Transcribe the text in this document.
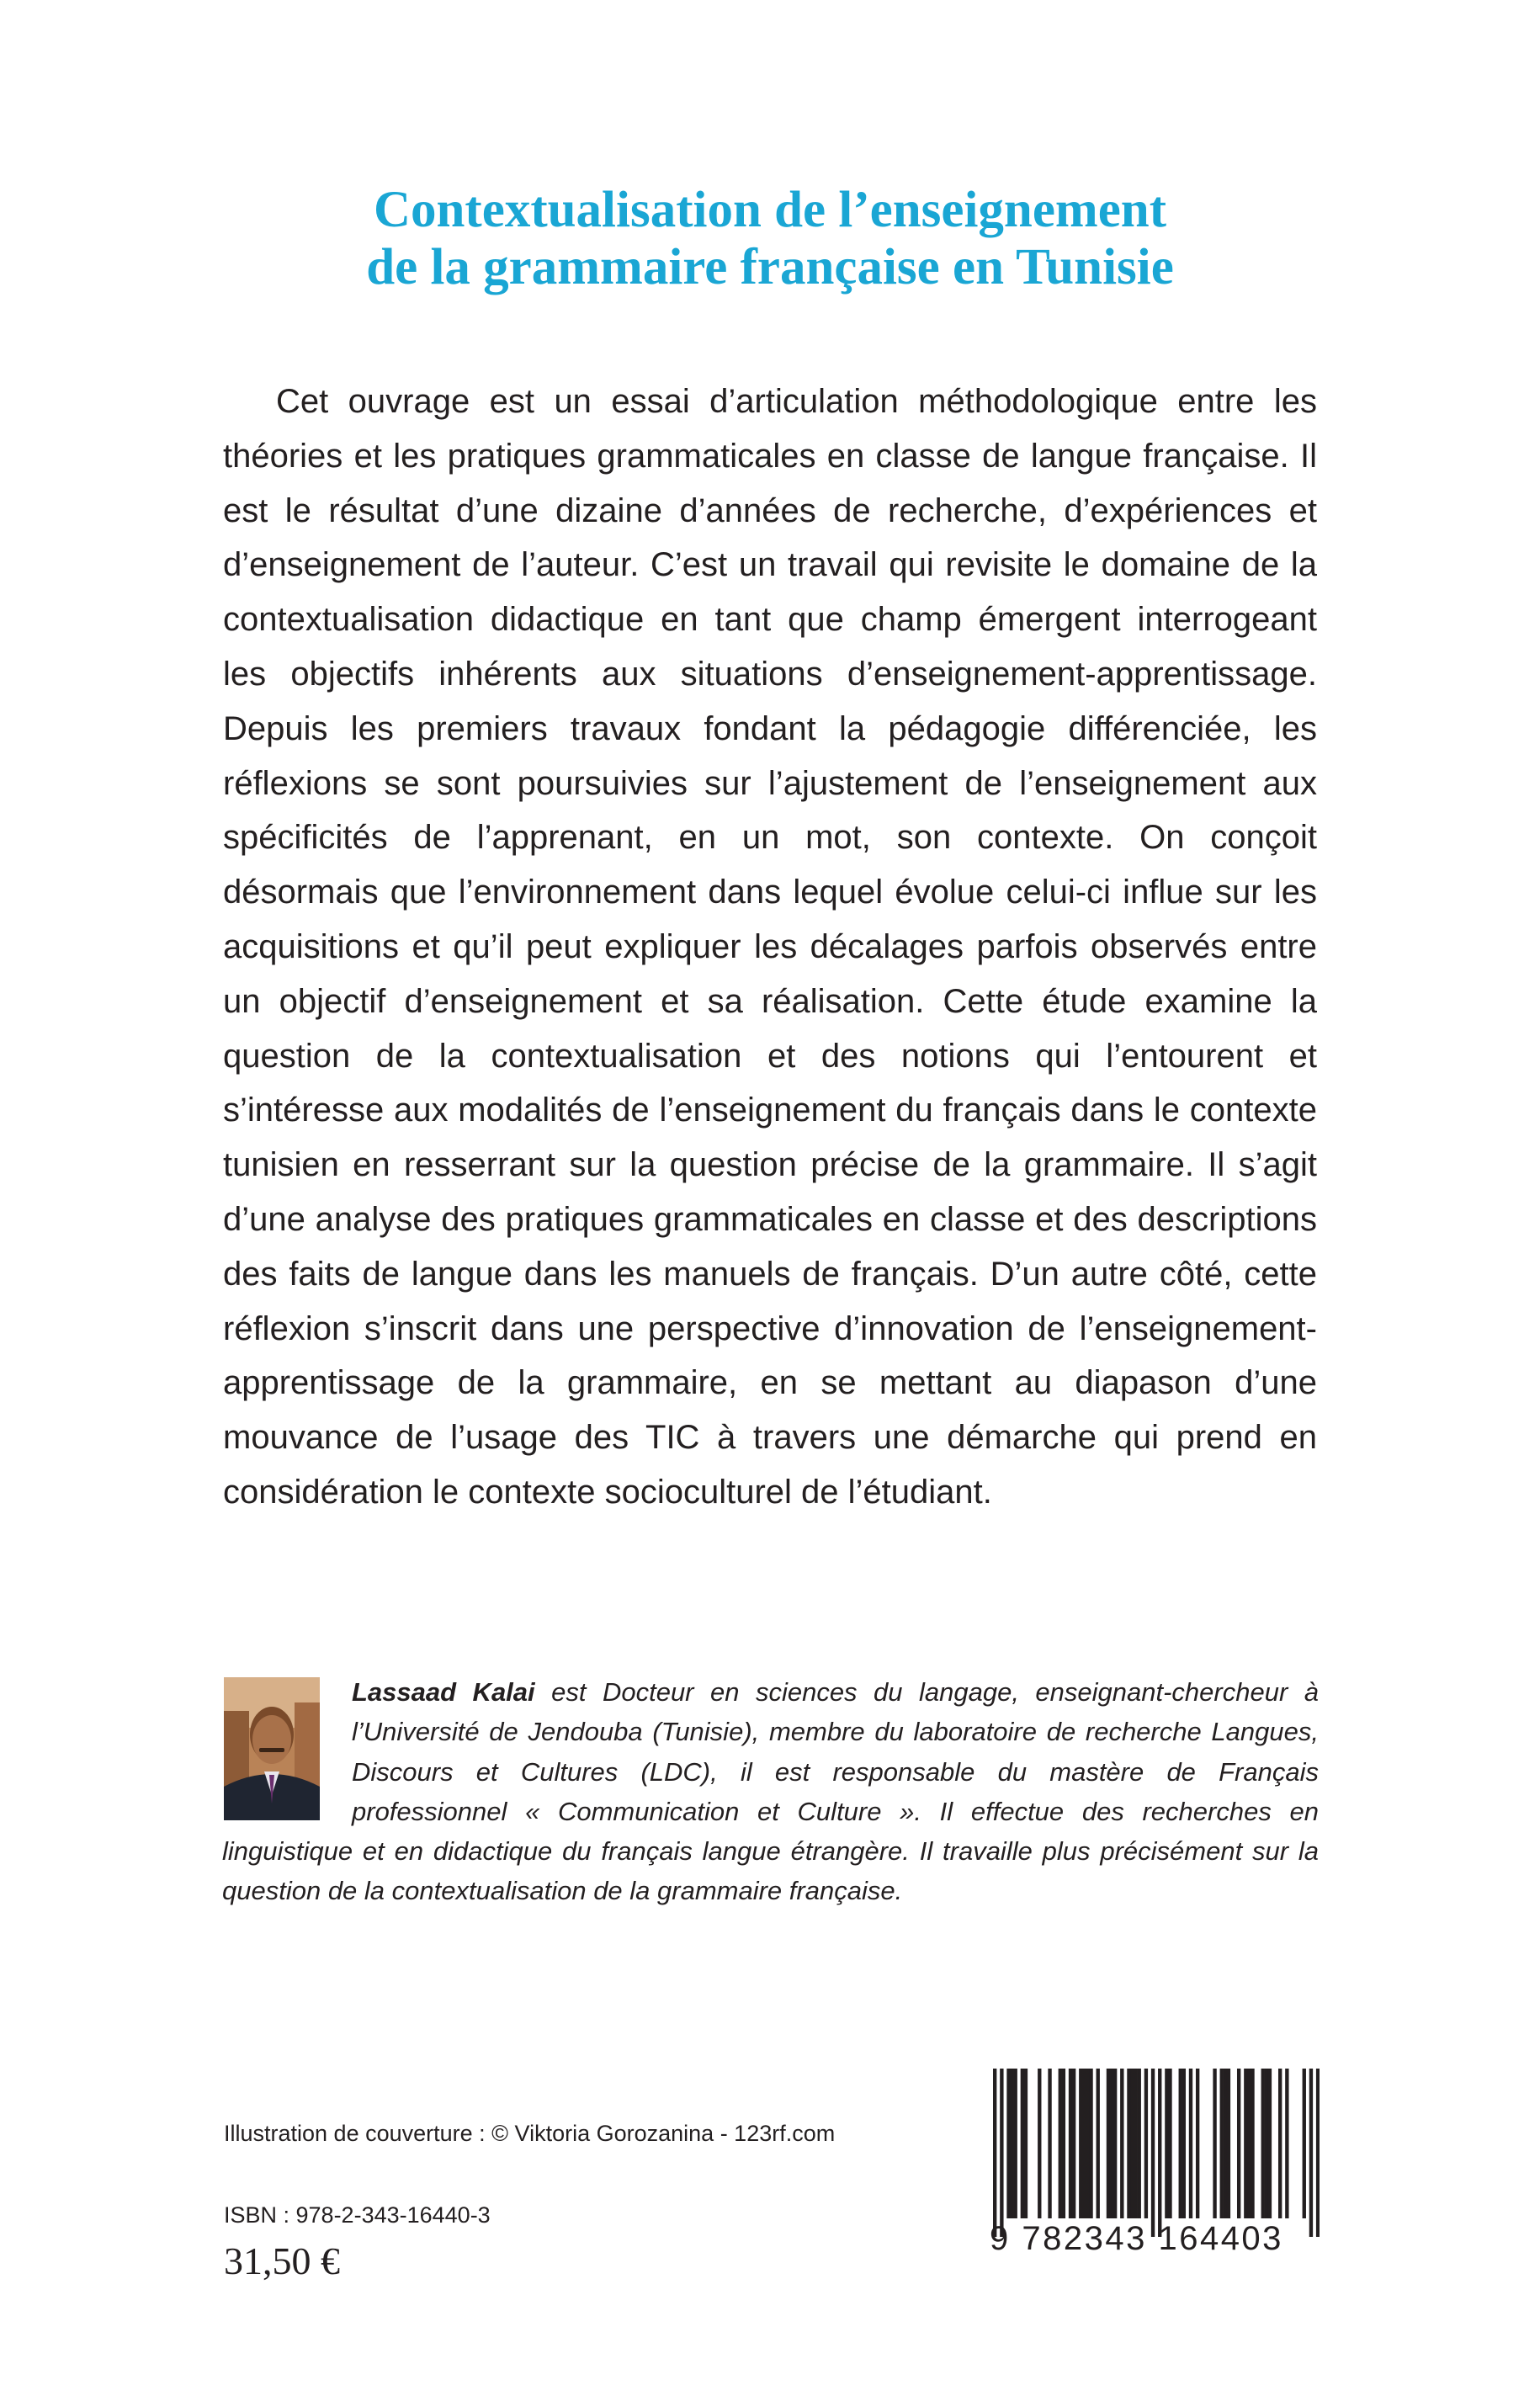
Contextualisation de l’enseignement
de la grammaire française en Tunisie

Cet ouvrage est un essai d’articulation méthodologique entre les théories et les pratiques grammaticales en classe de langue française. Il est le résultat d’une dizaine d’années de recherche, d’expériences et d’enseignement de l’auteur. C’est un travail qui revisite le domaine de la contextualisation didactique en tant que champ émergent interrogeant les objectifs inhérents aux situations d’enseignement-apprentissage. Depuis les premiers travaux fondant la pédagogie différenciée, les réflexions se sont poursuivies sur l’ajustement de l’enseignement aux spécificités de l’apprenant, en un mot, son contexte. On conçoit désormais que l’environnement dans lequel évolue celui-ci influe sur les acquisitions et qu’il peut expliquer les décalages parfois observés entre un objectif d’enseignement et sa réalisation. Cette étude examine la question de la contextualisation et des notions qui l’entourent et s’intéresse aux modalités de l’enseignement du français dans le contexte tunisien en resserrant sur la question précise de la grammaire. Il s’agit d’une analyse des pratiques grammaticales en classe et des descriptions des faits de langue dans les manuels de français. D’un autre côté, cette réflexion s’inscrit dans une perspective d’innovation de l’enseignement-apprentissage de la grammaire, en se mettant au diapason d’une mouvance de l’usage des TIC à travers une démarche qui prend en considération le contexte socioculturel de l’étudiant.

Lassaad Kalai est Docteur en sciences du langage, enseignant-chercheur à l’Université de Jendouba (Tunisie), membre du laboratoire de recherche Langues, Discours et Cultures (LDC), il est responsable du mastère de Français professionnel « Communication et Culture ». Il effectue des recherches en linguistique et en didactique du français langue étrangère. Il travaille plus précisément sur la question de la contextualisation de la grammaire française.

Illustration de couverture : © Viktoria Gorozanina - 123rf.com
ISBN : 978-2-343-16440-3
31,50 €
9 782343 164403
